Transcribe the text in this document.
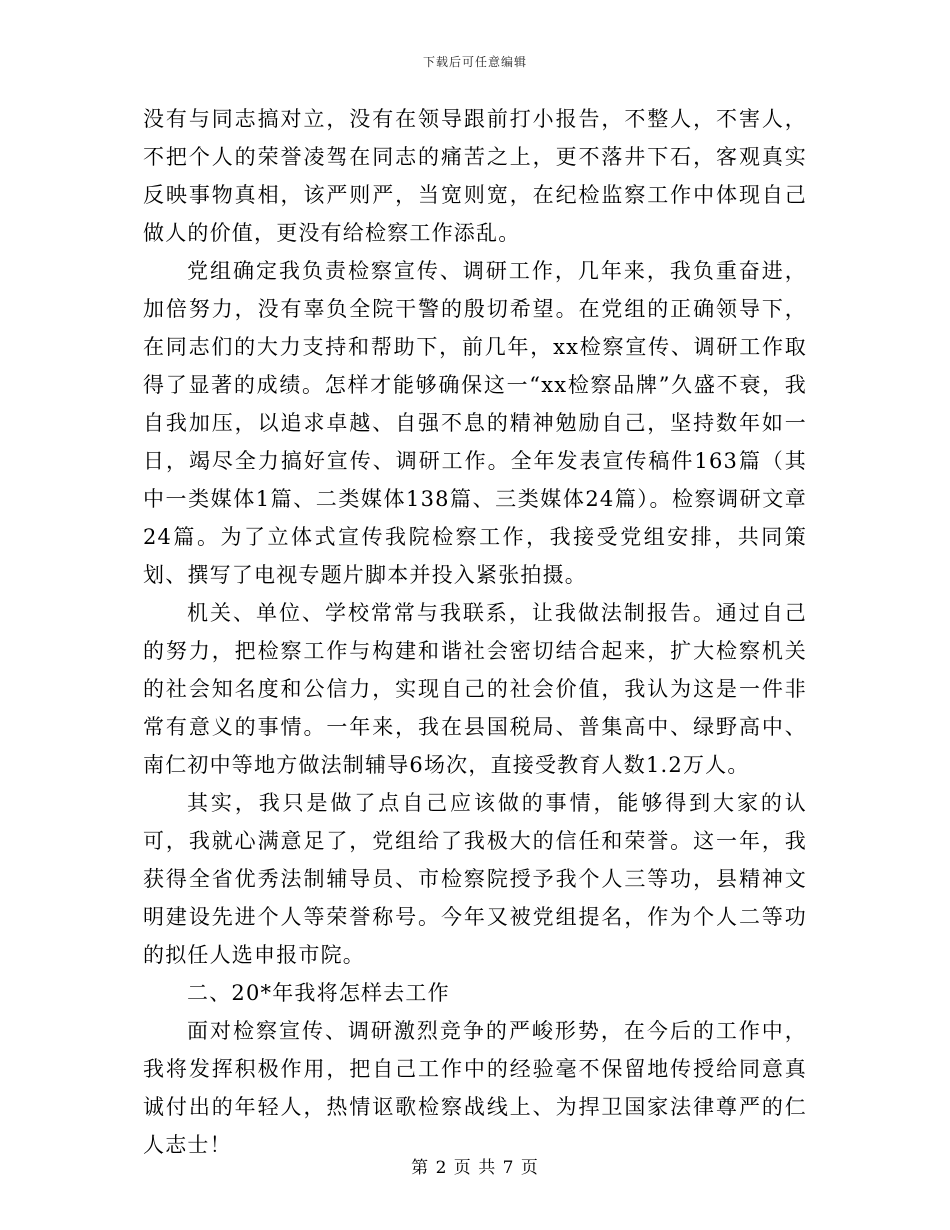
下载后可任意编辑

没有与同志搞对立，没有在领导跟前打小报告，不整人，不害人，不把个人的荣誉凌驾在同志的痛苦之上，更不落井下石，客观真实反映事物真相，该严则严，当宽则宽，在纪检监察工作中体现自己做人的价值，更没有给检察工作添乱。

党组确定我负责检察宣传、调研工作，几年来，我负重奋进，加倍努力，没有辜负全院干警的殷切希望。在党组的正确领导下，在同志们的大力支持和帮助下，前几年，xx检察宣传、调研工作取得了显著的成绩。怎样才能够确保这一“xx检察品牌”久盛不衰，我自我加压，以追求卓越、自强不息的精神勉励自己，坚持数年如一日，竭尽全力搞好宣传、调研工作。全年发表宣传稿件163篇（其中一类媒体1篇、二类媒体138篇、三类媒体24篇）。检察调研文章24篇。为了立体式宣传我院检察工作，我接受党组安排，共同策划、撰写了电视专题片脚本并投入紧张拍摄。

机关、单位、学校常常与我联系，让我做法制报告。通过自己的努力，把检察工作与构建和谐社会密切结合起来，扩大检察机关的社会知名度和公信力，实现自己的社会价值，我认为这是一件非常有意义的事情。一年来，我在县国税局、普集高中、绿野高中、南仁初中等地方做法制辅导6场次，直接受教育人数1.2万人。

其实，我只是做了点自己应该做的事情，能够得到大家的认可，我就心满意足了，党组给了我极大的信任和荣誉。这一年，我获得全省优秀法制辅导员、市检察院授予我个人三等功，县精神文明建设先进个人等荣誉称号。今年又被党组提名，作为个人二等功的拟任人选申报市院。

二、20*年我将怎样去工作

面对检察宣传、调研激烈竞争的严峻形势，在今后的工作中，我将发挥积极作用，把自己工作中的经验毫不保留地传授给同意真诚付出的年轻人，热情讴歌检察战线上、为捍卫国家法律尊严的仁人志士！

第 2 页 共 7 页
